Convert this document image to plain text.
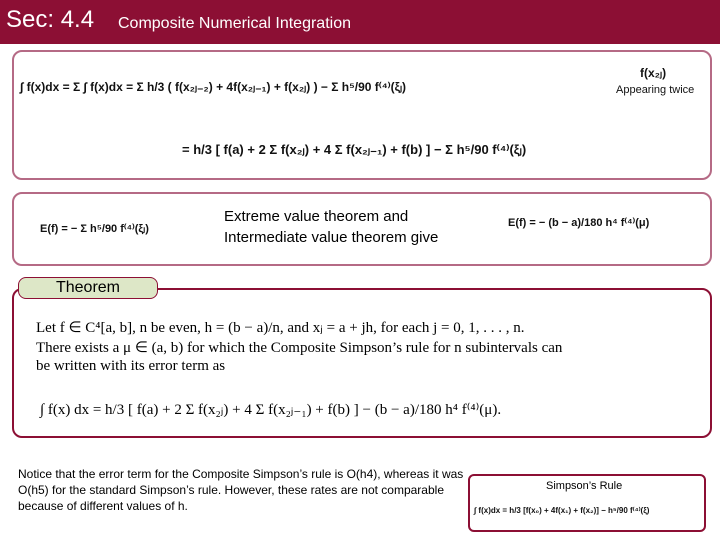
Sec: 4.4 Composite Numerical Integration
∫ f(x)dx = Σ ∫ f(x)dx = Σ h/3 ( f(x₂ⱼ₋₂) + 4f(x₂ⱼ₋₁) + f(x₂ⱼ) ) − Σ h⁵/90 f⁽⁴⁾(ξⱼ)
= h/3 [ f(a) + 2 Σ f(x₂ⱼ) + 4 Σ f(x₂ⱼ₋₁) + f(b) ] − Σ h⁵/90 f⁽⁴⁾(ξⱼ)
f(x₂ⱼ)
Appearing twice
E(f) = − Σ h⁵/90 f⁽⁴⁾(ξⱼ)
Extreme value theorem and Intermediate value theorem give
E(f) = − (b − a)/180 h⁴ f⁽⁴⁾(μ)
Theorem
Let f ∈ C⁴[a, b], n be even, h = (b − a)/n, and xⱼ = a + jh, for each j = 0, 1, . . . , n.
There exists a μ ∈ (a, b) for which the Composite Simpson’s rule for n subintervals can
be written with its error term as
∫ f(x) dx = h/3 [ f(a) + 2 Σ f(x₂ⱼ) + 4 Σ f(x₂ⱼ₋₁) + f(b) ] − (b − a)/180 h⁴ f⁽⁴⁾(μ).
Notice that the error term for the Composite Simpson’s rule is O(h4), whereas it was O(h5) for the standard Simpson’s rule. However, these rates are not comparable because of different values of h.
Simpson’s Rule
∫ f(x)dx = h/3 [f(x₀) + 4f(x₁) + f(x₂)] − h⁵/90 f⁽⁴⁾(ξ)
